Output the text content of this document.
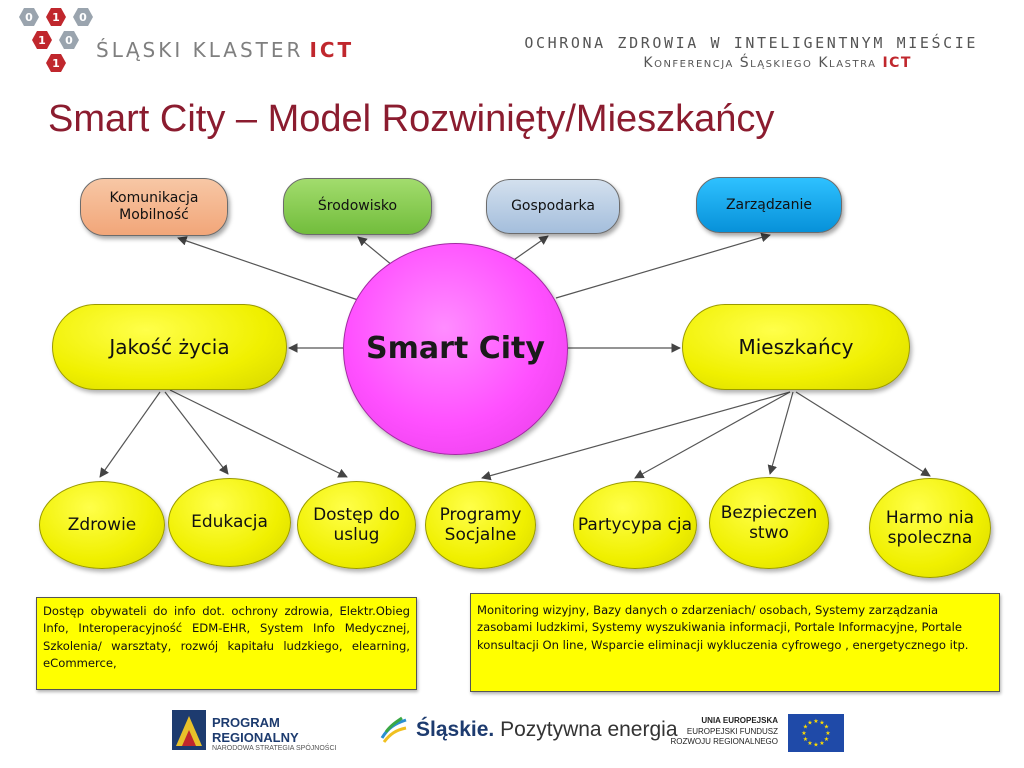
0 1 0
1 0
1
ŚLĄSKI KLASTER ICT	OCHRONA ZDROWIA W INTELIGENTNYM MIEŚCIE
Konferencja Śląskiego Klastra ICT
Smart City – Model Rozwinięty/Mieszkańcy
Komunikacja Mobilność
Środowisko	Gospodarka	Zarządzanie
Smart City
Jakość życia	Mieszkańcy
Zdrowie	Edukacja	Dostęp do uslug
Programy Socjalne
Partycypa cja
Bezpieczen stwo
Harmo nia spoleczna
Dostęp obywateli do info dot. ochrony zdrowia, Elektr.Obieg Info, Interoperacyjność EDM-EHR, System Info Medycznej, Szkolenia/ warsztaty, rozwój kapitału ludzkiego, elearning, eCommerce,
Monitoring wizyjny, Bazy danych o zdarzeniach/ osobach, Systemy zarządzania zasobami ludzkimi, Systemy wyszukiwania informacji, Portale Informacyjne, Portale konsultacji On line, Wsparcie eliminacji wykluczenia cyfrowego , energetycznego itp.
PROGRAM
REGIONALNY
NARODOWA STRATEGIA SPÓJNOŚCI
Śląskie. Pozytywna energia	UNIA EUROPEJSKA
EUROPEJSKI FUNDUSZ
ROZWOJU REGIONALNEGO
★ ★
★
★
★
★
★
★
★
★
★
★
